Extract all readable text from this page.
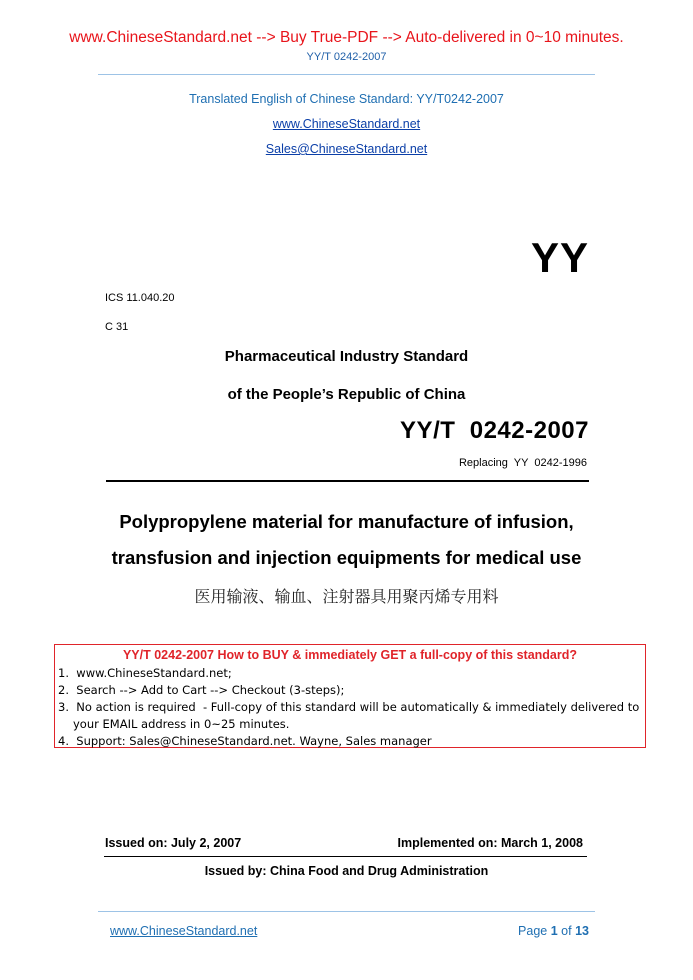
www.ChineseStandard.net --> Buy True-PDF --> Auto-delivered in 0~10 minutes.
YY/T 0242-2007
Translated English of Chinese Standard: YY/T0242-2007
www.ChineseStandard.net
Sales@ChineseStandard.net
YY
ICS 11.040.20
C 31
Pharmaceutical Industry Standard
of the People’s Republic of China
YY/T  0242-2007
Replacing  YY  0242-1996
Polypropylene material for manufacture of infusion,
transfusion and injection equipments for medical use
医用输液、输血、注射器具用聚丙烯专用料
YY/T 0242-2007 How to BUY & immediately GET a full-copy of this standard?
1.  www.ChineseStandard.net;
2.  Search --> Add to Cart --> Checkout (3-steps);
3.  No action is required  - Full-copy of this standard will be automatically & immediately delivered to
your EMAIL address in 0~25 minutes.
4.  Support: Sales@ChineseStandard.net. Wayne, Sales manager
Issued on: July 2, 2007	Implemented on: March 1, 2008
Issued by: China Food and Drug Administration
www.ChineseStandard.net	Page 1 of 13
